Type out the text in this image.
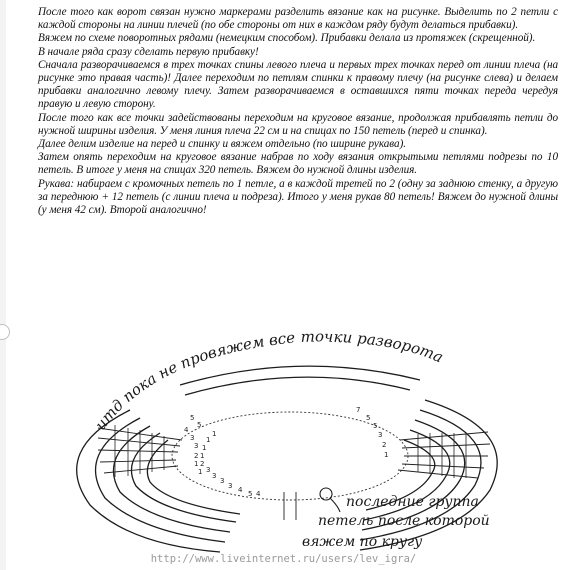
После того как ворот связан нужно маркерами разделить вязание как на рисунке. Выделить по 2 петли с каждой стороны на линии плечей (по обе стороны от них в каждом ряду будут делаться прибавки).

Вяжем по схеме поворотных рядами (немецким способом). Прибавки делала из протяжек (скрещенной).

В начале ряда сразу сделать первую прибавку!

Сначала разворачиваемся в трех точках спины левого плеча и первых трех точках перед от линии плеча (на рисунке это правая часть)! Далее переходим по петлям спинки к правому плечу (на рисунке слева) и делаем прибавки аналогично левому плечу. Затем разворачиваемся в оставшихся пяти точках переда чередуя правую и левую сторону.

После того как все точки задействованы переходим на круговое вязание, продолжая прибавлять петли до нужной ширины изделия. У меня линия плеча 22 см и на спицах по 150 петель (перед и спинка).

Далее делим изделие на перед и спинку и вяжем отдельно (по ширине рукава).

Затем опять переходим на круговое вязание набрав по ходу вязания открытыми петлями подрезы по 10 петель. В итоге у меня на спицах 320 петель. Вяжем до нужной длины изделия.

Рукава: набираем с кромочных петель по 1 петле, а в каждой третей по 2 (одну за заднюю стенку, а другую за переднюю + 12 петель (с линии плеча и подреза). Итого у меня рукав 80 петель! Вяжем до нужной длины (у меня 42 см). Второй аналогично!

5
5
4
3
3
2
1
1
7
5
5
3
2
1
5 4
4
3
3
3
3
2
1
1
1
1
итд пока не провяжем все точки разворота
последние группа
петель после которой
вяжем по кругу
http://www.liveinternet.ru/users/lev_igra/
